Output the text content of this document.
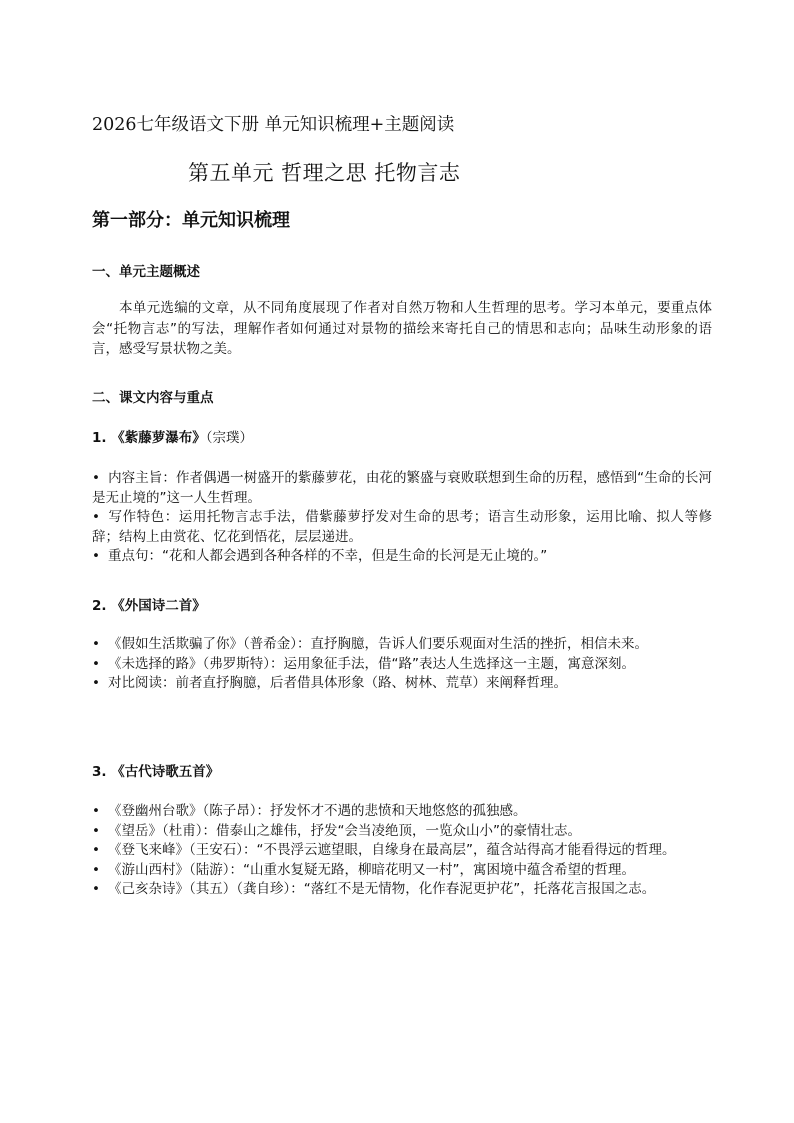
2026七年级语文下册 单元知识梳理+主题阅读
第五单元 哲理之思 托物言志
第一部分：单元知识梳理

一、单元主题概述

本单元选编的文章，从不同角度展现了作者对自然万物和人生哲理的思考。学习本单元，要重点体会“托物言志”的写法，理解作者如何通过对景物的描绘来寄托自己的情思和志向；品味生动形象的语言，感受写景状物之美。

二、课文内容与重点

1. 《紫藤萝瀑布》（宗璞）

• 内容主旨：作者偶遇一树盛开的紫藤萝花，由花的繁盛与衰败联想到生命的历程，感悟到“生命的长河是无止境的”这一人生哲理。
• 写作特色：运用托物言志手法，借紫藤萝抒发对生命的思考；语言生动形象，运用比喻、拟人等修辞；结构上由赏花、忆花到悟花，层层递进。
• 重点句：“花和人都会遇到各种各样的不幸，但是生命的长河是无止境的。”

2. 《外国诗二首》

• 《假如生活欺骗了你》（普希金）：直抒胸臆，告诉人们要乐观面对生活的挫折，相信未来。
• 《未选择的路》（弗罗斯特）：运用象征手法，借“路”表达人生选择这一主题，寓意深刻。
• 对比阅读：前者直抒胸臆，后者借具体形象（路、树林、荒草）来阐释哲理。

3. 《古代诗歌五首》

• 《登幽州台歌》（陈子昂）：抒发怀才不遇的悲愤和天地悠悠的孤独感。
• 《望岳》（杜甫）：借泰山之雄伟，抒发“会当凌绝顶，一览众山小”的豪情壮志。
• 《登飞来峰》（王安石）：“不畏浮云遮望眼，自缘身在最高层”，蕴含站得高才能看得远的哲理。
• 《游山西村》（陆游）：“山重水复疑无路，柳暗花明又一村”，寓困境中蕴含希望的哲理。
• 《己亥杂诗》（其五）（龚自珍）：“落红不是无情物，化作春泥更护花”，托落花言报国之志。
